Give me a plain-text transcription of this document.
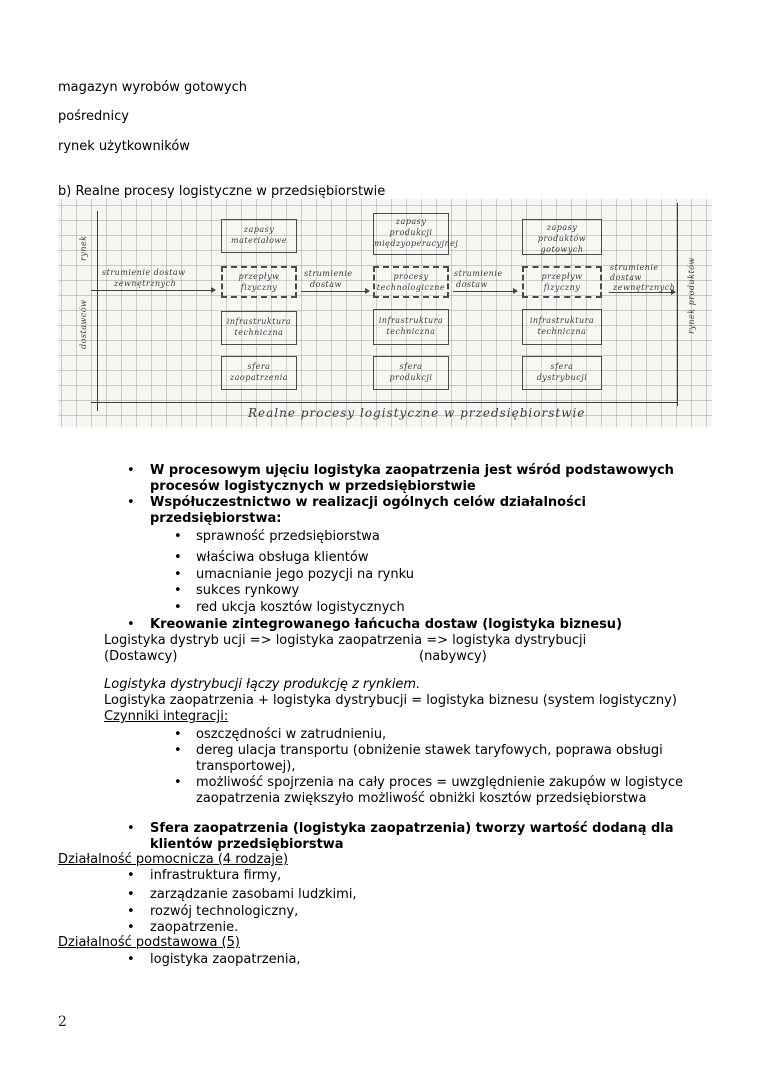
magazyn wyrobów gotowych
pośrednicy
rynek użytkowników
b) Realne procesy logistyczne w przedsiębiorstwie
rynek
dostawców	rynek produktów
strumienie dostaw
zewnętrznych
zapasy
materiałowe
przepływ
fizyczny
infrastruktura
techniczna
sfera
zaopatrzenia
strumienie
dostaw
zapasy
produkcji
międzyoperacyjnej
procesy
technologiczne
infrastruktura
techniczna
sfera
produkcji
strumienie
dostaw
zapasy
produktów
gotowych
przepływ
fizyczny
infrastruktura
techniczna
sfera
dystrybucji
strumienie
dostaw
zewnętrznych
Realne procesy logistyczne w przedsiębiorstwie
• W procesowym ujęciu logistyka zaopatrzenia jest wśród podstawowych
procesów logistycznych w przedsiębiorstwie
• Współuczestnictwo w realizacji ogólnych celów działalności
przedsiębiorstwa:
• sprawność przedsiębiorstwa
• właściwa obsługa klientów
• umacnianie jego pozycji na rynku
• sukces rynkowy
• red ukcja kosztów logistycznych
• Kreowanie zintegrowanego łańcucha dostaw (logistyka biznesu)
Logistyka dystryb ucji => logistyka zaopatrzenia => logistyka dystrybucji
(Dostawcy)	(nabywcy)
Logistyka dystrybucji łączy produkcję z rynkiem.
Logistyka zaopatrzenia + logistyka dystrybucji = logistyka biznesu (system logistyczny)
Czynniki integracji:
• oszczędności w zatrudnieniu,
• dereg ulacja transportu (obniżenie stawek taryfowych, poprawa obsługi
transportowej),
• możliwość spojrzenia na cały proces = uwzględnienie zakupów w logistyce
zaopatrzenia zwiększyło możliwość obniżki kosztów przedsiębiorstwa
• Sfera zaopatrzenia (logistyka zaopatrzenia) tworzy wartość dodaną dla
klientów przedsiębiorstwa
Działalność pomocnicza (4 rodzaje)
• infrastruktura firmy,
• zarządzanie zasobami ludzkimi,
• rozwój technologiczny,
• zaopatrzenie.
Działalność podstawowa (5)
• logistyka zaopatrzenia,
2
